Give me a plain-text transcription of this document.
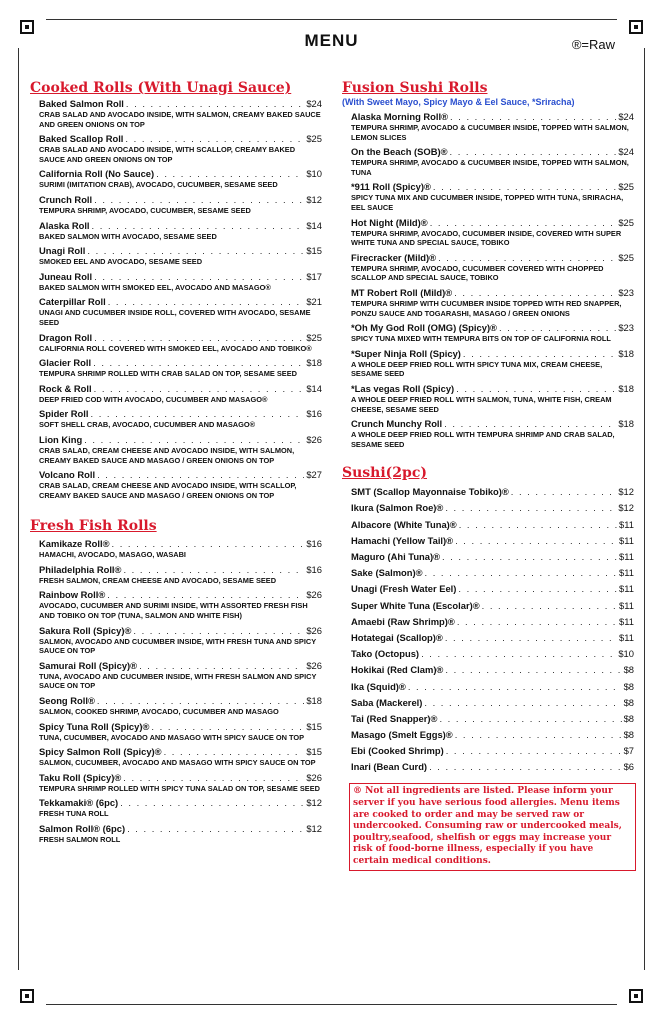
MENU	®=Raw
Cooked Rolls (With Unagi Sauce)
Baked Salmon Roll . . .	$24
CRAB SALAD AND AVOCADO INSIDE, WITH SALMON, CREAMY BAKED SAUCE AND GREEN ONIONS ON TOP
Baked Scallop Roll . . .	$25
CRAB SALAD AND AVOCADO INSIDE, WITH SCALLOP, CREAMY BAKED SAUCE AND GREEN ONIONS ON TOP
California Roll (No Sauce) . . .	$10
SURIMI (IMITATION CRAB), AVOCADO, CUCUMBER, SESAME SEED
Crunch Roll . . .	$12
TEMPURA SHRIMP, AVOCADO, CUCUMBER, SESAME SEED
Alaska Roll . . .	$14
BAKED SALMON WITH AVOCADO, SESAME SEED
Unagi Roll . . .	$15
SMOKED EEL AND AVOCADO, SESAME SEED
Juneau Roll . . .	$17
BAKED SALMON WITH SMOKED EEL, AVOCADO AND MASAGO®
Caterpillar Roll . . .	$21
UNAGI AND CUCUMBER INSIDE ROLL, COVERED WITH AVOCADO, SESAME SEED
Dragon Roll . . .	$25
CALIFORNIA ROLL COVERED WITH SMOKED EEL, AVOCADO AND TOBIKO®
Glacier Roll . . .	$18
TEMPURA SHRIMP ROLLED WITH CRAB SALAD ON TOP, SESAME SEED
Rock & Roll . . .	$14
DEEP FRIED COD WITH AVOCADO, CUCUMBER AND MASAGO®
Spider Roll . . .	$16
SOFT SHELL CRAB, AVOCADO, CUCUMBER AND MASAGO®
Lion King . . .	$26
CRAB SALAD, CREAM CHEESE AND AVOCADO INSIDE, WITH SALMON, CREAMY BAKED SAUCE AND MASAGO / GREEN ONIONS ON TOP
Volcano Roll . . .	$27
CRAB SALAD, CREAM CHEESE AND AVOCADO INSIDE, WITH SCALLOP, CREAMY BAKED SAUCE AND MASAGO / GREEN ONIONS ON TOP
Fresh Fish Rolls
Kamikaze Roll® . . .	$16
HAMACHI, AVOCADO, MASAGO, WASABI
Philadelphia Roll® . . .	$16
FRESH SALMON, CREAM CHEESE AND AVOCADO, SESAME SEED
Rainbow Roll® . . .	$26
AVOCADO, CUCUMBER AND SURIMI INSIDE, WITH ASSORTED FRESH FISH AND TOBIKO ON TOP (TUNA, SALMON AND WHITE FISH)
Sakura Roll (Spicy)® . . .	$26
SALMON, AVOCADO AND CUCUMBER INSIDE, WITH FRESH TUNA AND SPICY SAUCE ON TOP
Samurai Roll (Spicy)® . . .	$26
TUNA, AVOCADO AND CUCUMBER INSIDE, WITH FRESH SALMON AND SPICY SAUCE ON TOP
Seong Roll® . . .	$18
SALMON, COOKED SHRIMP, AVOCADO, CUCUMBER AND MASAGO
Spicy Tuna Roll (Spicy)® . . .	$15
TUNA, CUCUMBER, AVOCADO AND MASAGO WITH SPICY SAUCE ON TOP
Spicy Salmon Roll (Spicy)® . . .	$15
SALMON, CUCUMBER, AVOCADO AND MASAGO WITH SPICY SAUCE ON TOP
Taku Roll (Spicy)® . . .	$26
TEMPURA SHRIMP ROLLED WITH SPICY TUNA SALAD ON TOP, SESAME SEED
Tekkamaki® (6pc) . . .	$12
FRESH TUNA ROLL
Salmon Roll® (6pc) . . .	$12
FRESH SALMON ROLL
Fusion Sushi Rolls
(With Sweet Mayo, Spicy Mayo & Eel Sauce, *Sriracha)
Alaska Morning Roll® . . .	$24
TEMPURA SHRIMP, AVOCADO & CUCUMBER INSIDE, TOPPED WITH SALMON, LEMON SLICES
On the Beach (SOB)® . . .	$24
TEMPURA SHRIMP, AVOCADO & CUCUMBER INSIDE, TOPPED WITH SALMON, TUNA
*911 Roll (Spicy)® . . .	$25
SPICY TUNA MIX AND CUCUMBER INSIDE, TOPPED WITH TUNA, SRIRACHA, EEL SAUCE
Hot Night (Mild)® . . .	$25
TEMPURA SHRIMP, AVOCADO, CUCUMBER INSIDE, COVERED WITH SUPER WHITE TUNA AND SPECIAL SAUCE, TOBIKO
Firecracker (Mild)® . . .	$25
TEMPURA SHRIMP, AVOCADO, CUCUMBER COVERED WITH CHOPPED SCALLOP AND SPECIAL SAUCE, TOBIKO
MT Robert Roll (Mild)® . . .	$23
TEMPURA SHRIMP WITH CUCUMBER INSIDE TOPPED WITH RED SNAPPER, PONZU SAUCE AND TOGARASHI, MASAGO / GREEN ONIONS
*Oh My God Roll (OMG) (Spicy)® . . .	$23
SPICY TUNA MIXED WITH TEMPURA BITS ON TOP OF CALIFORNIA ROLL
*Super Ninja Roll (Spicy) . . .	$18
A WHOLE DEEP FRIED ROLL WITH SPICY TUNA MIX, CREAM CHEESE, SESAME SEED
*Las vegas Roll (Spicy) . . .	$18
A WHOLE DEEP FRIED ROLL WITH SALMON, TUNA, WHITE FISH, CREAM CHEESE, SESAME SEED
Crunch Munchy Roll . . .	$18
A WHOLE DEEP FRIED ROLL WITH TEMPURA SHRIMP AND CRAB SALAD, SESAME SEED
Sushi(2pc)
SMT (Scallop Mayonnaise Tobiko)® . . .	$12
Ikura (Salmon Roe)® . . .	$12
Albacore (White Tuna)® . . .	$11
Hamachi (Yellow Tail)® . . .	$11
Maguro (Ahi Tuna)® . . .	$11
Sake (Salmon)® . . .	$11
Unagi (Fresh Water Eel) . . .	$11
Super White Tuna (Escolar)® . . .	$11
Amaebi (Raw Shrimp)® . . .	$11
Hotategai (Scallop)® . . .	$11
Tako (Octopus) . . .	$10
Hokikai (Red Clam)® . . .	$8
Ika (Squid)® . . .	$8
Saba (Mackerel) . . .	$8
Tai (Red Snapper)® . . .	$8
Masago (Smelt Eggs)® . . .	$8
Ebi (Cooked Shrimp) . . .	$7
Inari (Bean Curd) . . .	$6
® Not all ingredients are listed. Please inform your server if you have serious food allergies. Menu items are cooked to order and may be served raw or undercooked. Consuming raw or undercooked meals, poultry,seafood, shelfish or eggs may increase your risk of food-borne illness, especially if you have certain medical conditions.
